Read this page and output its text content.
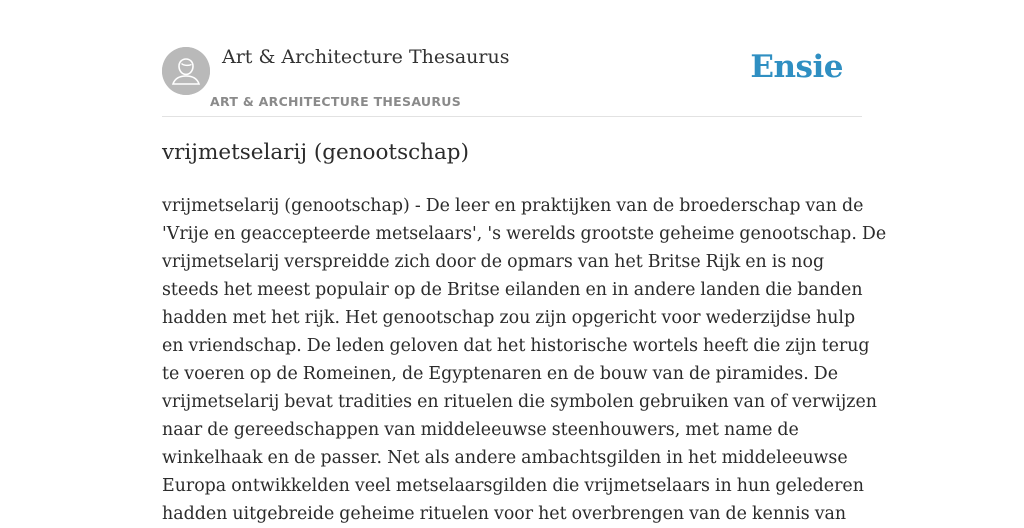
Art & Architecture Thesaurus
ART & ARCHITECTURE THESAURUS
Ensie
vrijmetselarij (genootschap)

vrijmetselarij (genootschap) - De leer en praktijken van de broederschap van de
'Vrije en geaccepteerde metselaars', 's werelds grootste geheime genootschap. De
vrijmetselarij verspreidde zich door de opmars van het Britse Rijk en is nog
steeds het meest populair op de Britse eilanden en in andere landen die banden
hadden met het rijk. Het genootschap zou zijn opgericht voor wederzijdse hulp
en vriendschap. De leden geloven dat het historische wortels heeft die zijn terug
te voeren op de Romeinen, de Egyptenaren en de bouw van de piramides. De
vrijmetselarij bevat tradities en rituelen die symbolen gebruiken van of verwijzen
naar de gereedschappen van middeleeuwse steenhouwers, met name de
winkelhaak en de passer. Net als andere ambachtsgilden in het middeleeuwse
Europa ontwikkelden veel metselaarsgilden die vrijmetselaars in hun gelederen
hadden uitgebreide geheime rituelen voor het overbrengen van de kennis van
